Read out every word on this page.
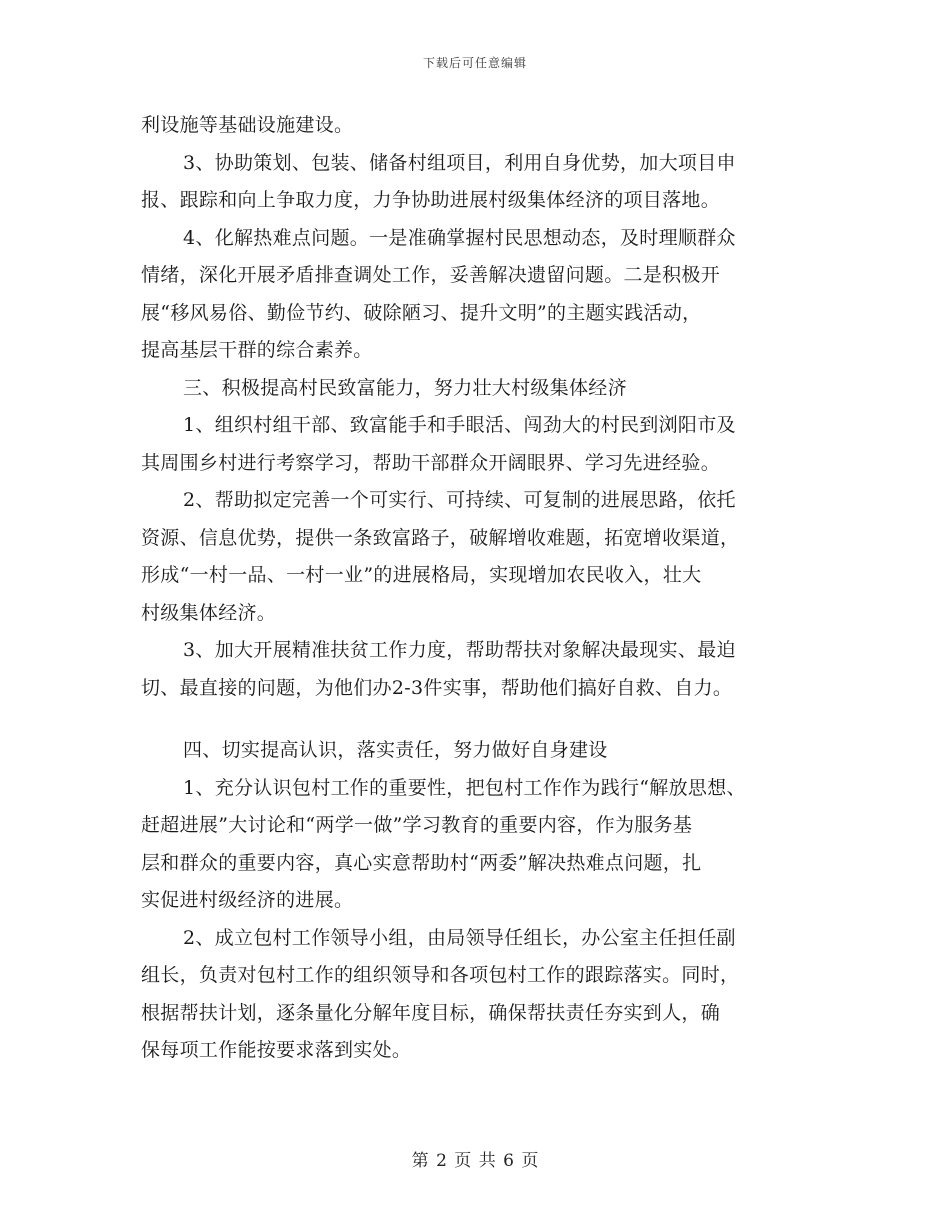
下载后可任意编辑
利设施等基础设施建设。
3、协助策划、包装、储备村组项目，利用自身优势，加大项目申
报、跟踪和向上争取力度，力争协助进展村级集体经济的项目落地。
4、化解热难点问题。一是准确掌握村民思想动态，及时理顺群众
情绪，深化开展矛盾排查调处工作，妥善解决遗留问题。二是积极开
展“移风易俗、勤俭节约、破除陋习、提升文明”的主题实践活动，
提高基层干群的综合素养。
三、积极提高村民致富能力，努力壮大村级集体经济
1、组织村组干部、致富能手和手眼活、闯劲大的村民到浏阳市及
其周围乡村进行考察学习，帮助干部群众开阔眼界、学习先进经验。
2、帮助拟定完善一个可实行、可持续、可复制的进展思路，依托
资源、信息优势，提供一条致富路子，破解增收难题，拓宽增收渠道，
形成“一村一品、一村一业”的进展格局，实现增加农民收入，壮大
村级集体经济。
3、加大开展精准扶贫工作力度，帮助帮扶对象解决最现实、最迫
切、最直接的问题，为他们办2-3件实事，帮助他们搞好自救、自力。
四、切实提高认识，落实责任，努力做好自身建设
1、充分认识包村工作的重要性，把包村工作作为践行“解放思想、
赶超进展”大讨论和“两学一做”学习教育的重要内容，作为服务基
层和群众的重要内容，真心实意帮助村“两委”解决热难点问题，扎
实促进村级经济的进展。
2、成立包村工作领导小组，由局领导任组长，办公室主任担任副
组长，负责对包村工作的组织领导和各项包村工作的跟踪落实。同时，
根据帮扶计划，逐条量化分解年度目标，确保帮扶责任夯实到人，确
保每项工作能按要求落到实处。
第 2 页 共 6 页
